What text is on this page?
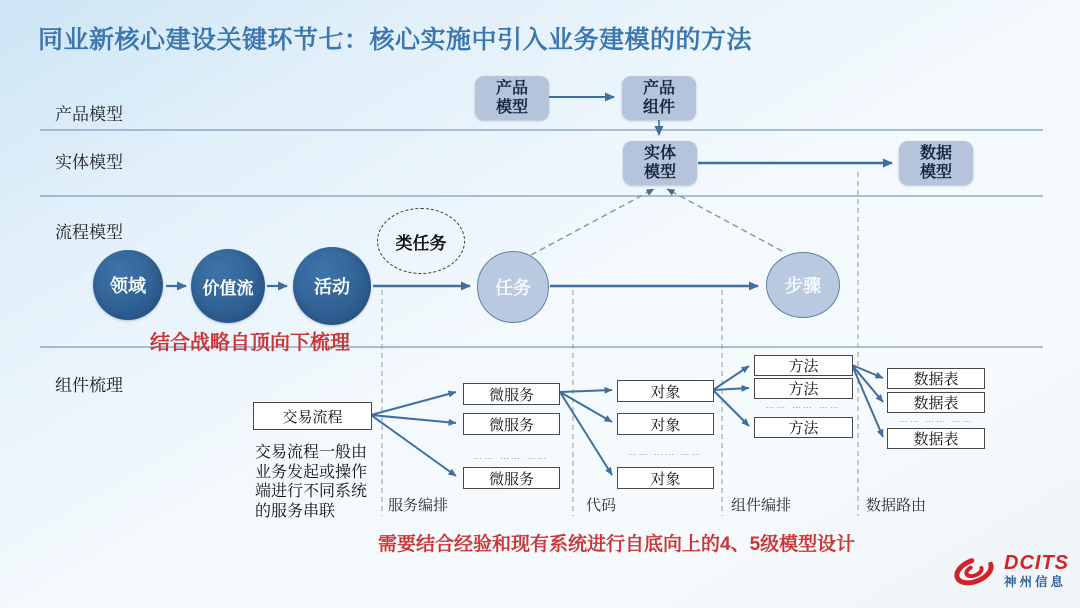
同业新核心建设关键环节七：核心实施中引入业务建模的的方法
产品模型
实体模型
流程模型
组件梳理
产品
模型
产品
组件
实体
模型
数据
模型
领域	价值流	活动
类任务
任务	步骤
结合战略自顶向下梳理
交易流程
交易流程一般由业务发起或操作端进行不同系统的服务串联
微服务
微服务
…… …… ……
微服务
对象
对象
…… …… ……
对象
方法
方法
…… …… ……
方法
数据表
数据表
…… …… ……
数据表
服务编排	代码	组件编排	数据路由
需要结合经验和现有系统进行自底向上的4、5级模型设计
DCITS
神州信息
